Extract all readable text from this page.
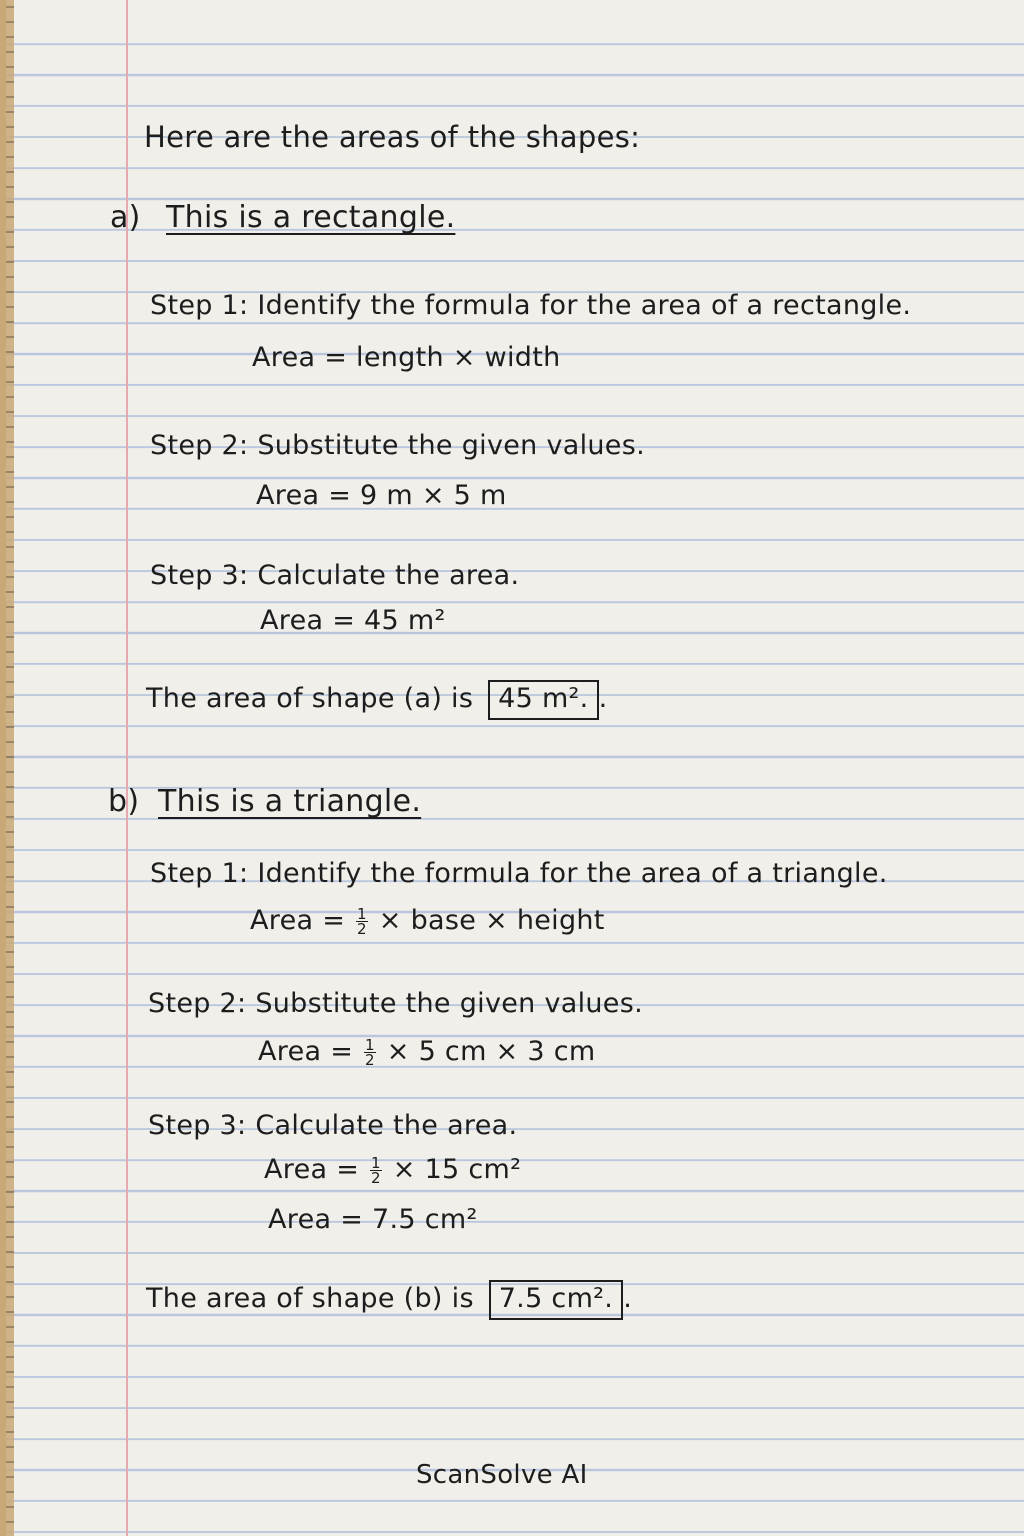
Here are the areas of the shapes:
a) This is a rectangle.
Step 1: Identify the formula for the area of a rectangle.
Area = length × width
Step 2: Substitute the given values.
Area = 9 m × 5 m
Step 3: Calculate the area.
Area = 45 m²
The area of shape (a) is 45 m². .
b) This is a triangle.
Step 1: Identify the formula for the area of a triangle.
Area = $\frac{1}{2}$ × base × height
Step 2: Substitute the given values.
Area = $\frac{1}{2} \times 5$ cm × 3 cm
Step 3: Calculate the area.
Area = $\frac{1}{2} \times 15$ cm²
Area = 7.5 cm²
The area of shape (b) is 7.5 cm². .
ScanSolve AI
